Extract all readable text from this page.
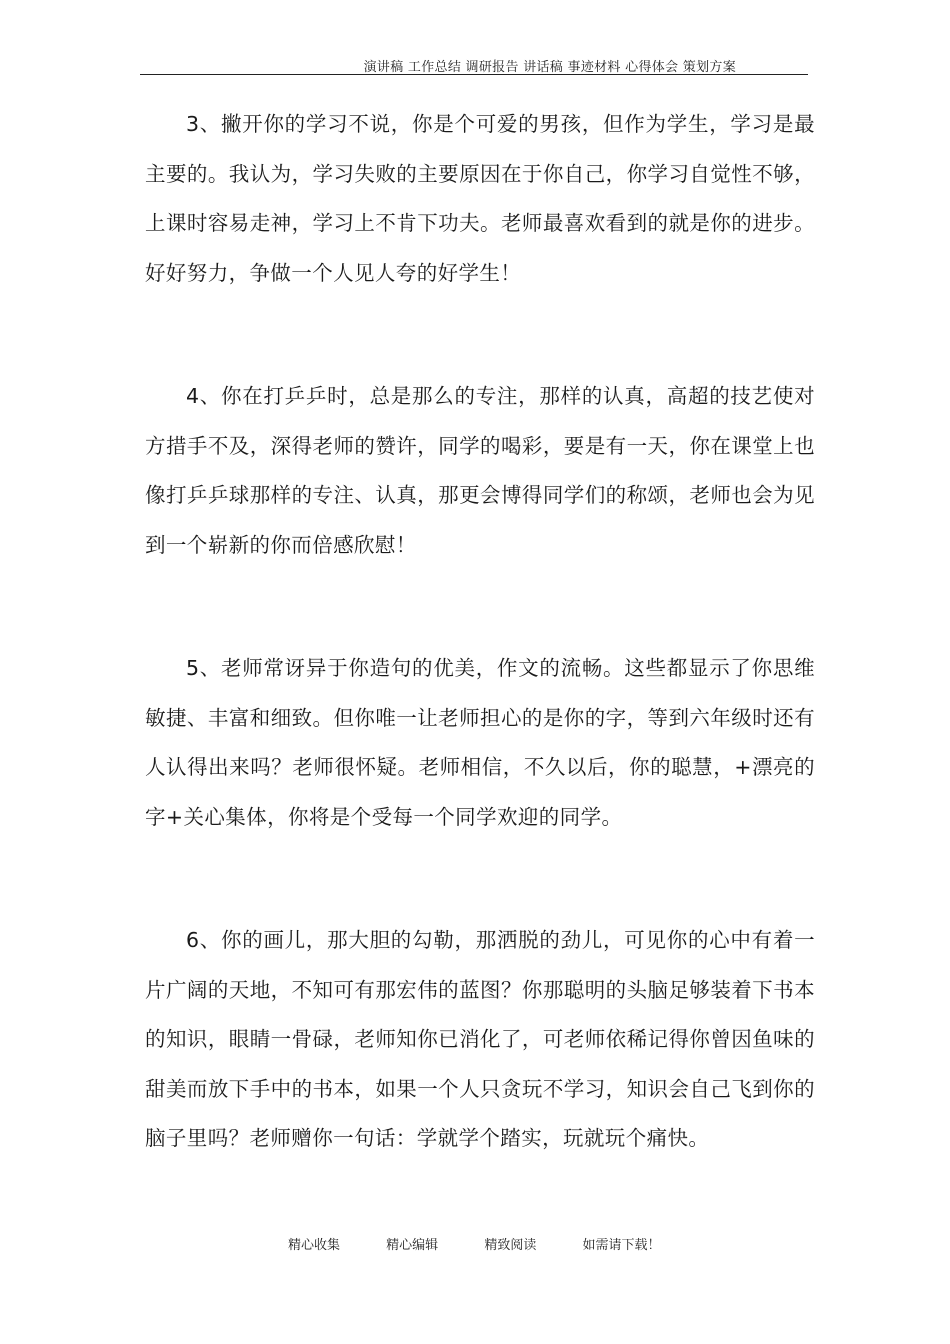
演讲稿 工作总结 调研报告 讲话稿 事迹材料 心得体会 策划方案

3、撇开你的学习不说，你是个可爱的男孩，但作为学生，学习是最主要的。我认为，学习失败的主要原因在于你自己，你学习自觉性不够，上课时容易走神，学习上不肯下功夫。老师最喜欢看到的就是你的进步。好好努力，争做一个人见人夸的好学生！

4、你在打乒乒时，总是那么的专注，那样的认真，高超的技艺使对方措手不及，深得老师的赞许，同学的喝彩，要是有一天，你在课堂上也像打乒乒球那样的专注、认真，那更会博得同学们的称颂，老师也会为见到一个崭新的你而倍感欣慰！

5、老师常讶异于你造句的优美，作文的流畅。这些都显示了你思维敏捷、丰富和细致。但你唯一让老师担心的是你的字，等到六年级时还有人认得出来吗？老师很怀疑。老师相信，不久以后，你的聪慧，+漂亮的字+关心集体，你将是个受每一个同学欢迎的同学。

6、你的画儿，那大胆的勾勒，那洒脱的劲儿，可见你的心中有着一片广阔的天地，不知可有那宏伟的蓝图？你那聪明的头脑足够装着下书本的知识，眼睛一骨碌，老师知你已消化了，可老师依稀记得你曾因鱼味的甜美而放下手中的书本，如果一个人只贪玩不学习，知识会自己飞到你的脑子里吗？老师赠你一句话：学就学个踏实，玩就玩个痛快。

精心收集	精心编辑	精致阅读	如需请下载！
